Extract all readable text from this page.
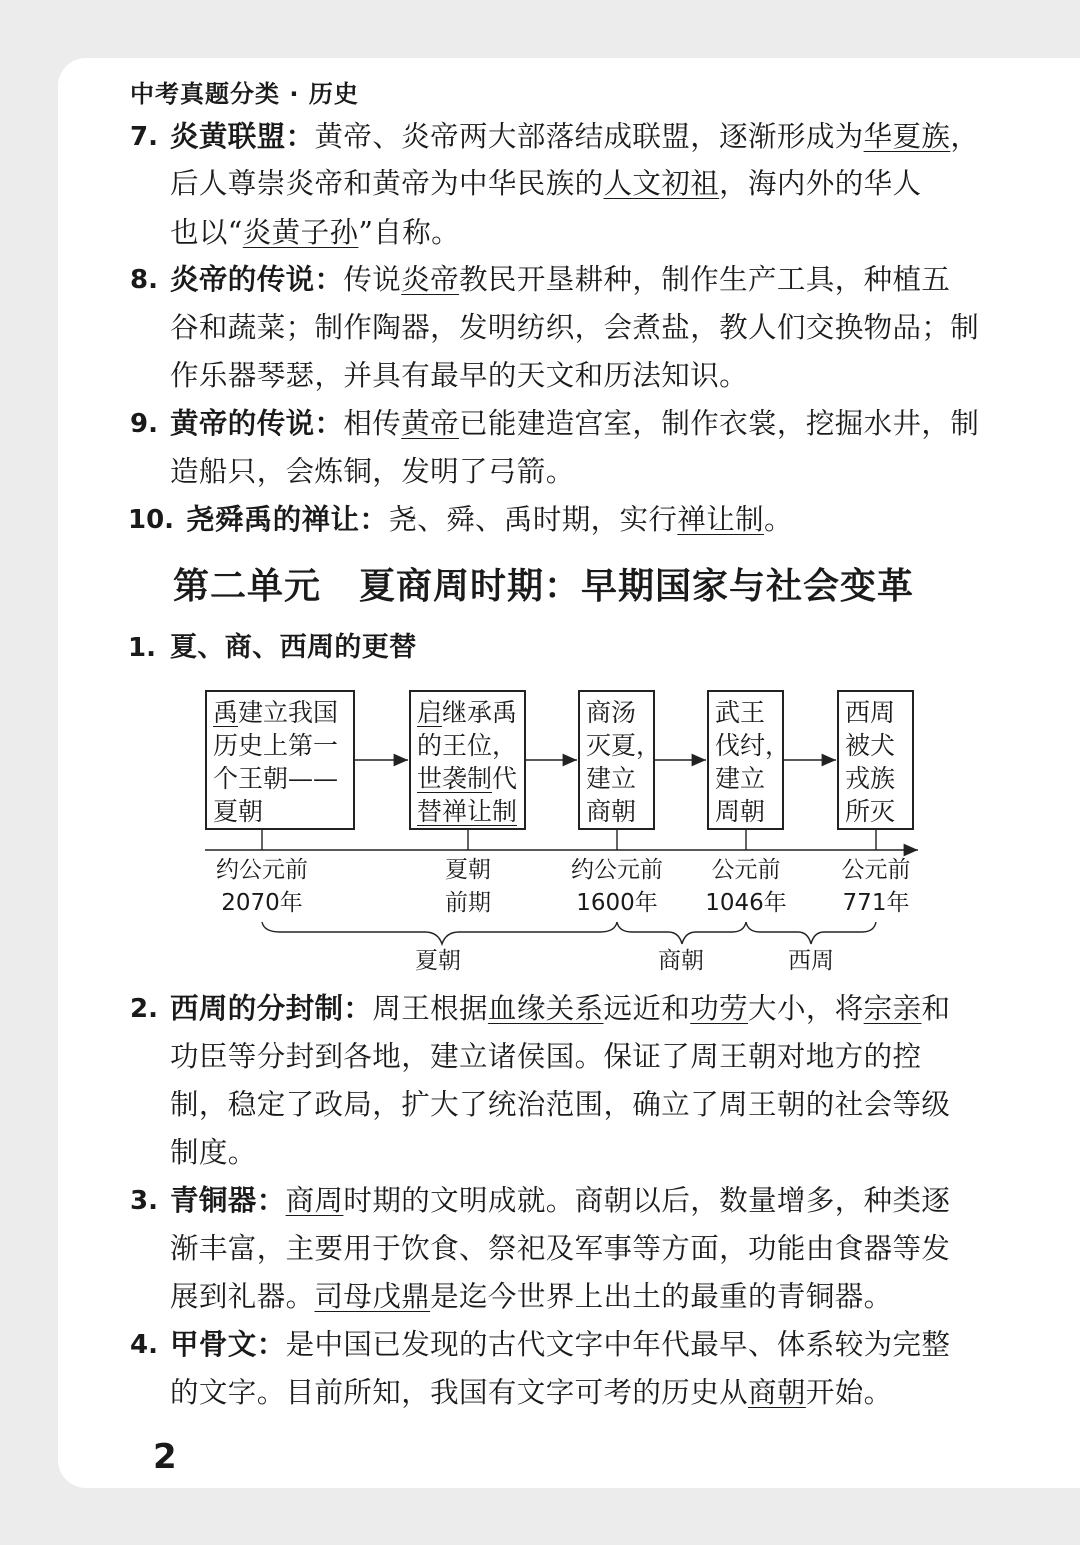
中考真题分类 · 历史
7. 炎黄联盟：黄帝、炎帝两大部落结成联盟，逐渐形成为华夏族，
后人尊崇炎帝和黄帝为中华民族的人文初祖，海内外的华人
也以“炎黄子孙”自称。
8. 炎帝的传说：传说炎帝教民开垦耕种，制作生产工具，种植五
谷和蔬菜；制作陶器，发明纺织，会煮盐，教人们交换物品；制
作乐器琴瑟，并具有最早的天文和历法知识。
9. 黄帝的传说：相传黄帝已能建造宫室，制作衣裳，挖掘水井，制
造船只，会炼铜，发明了弓箭。
10. 尧舜禹的禅让：尧、舜、禹时期，实行禅让制。
第二单元 夏商周时期：早期国家与社会变革
1. 夏、商、西周的更替
禹建立我国
历史上第一
个王朝——
夏朝
启继承禹
的王位，
世袭制代
替禅让制
商汤
灭夏，
建立
商朝
武王
伐纣，
建立
周朝
西周
被犬
戎族
所灭
约公元前
2070年
夏朝
前期
约公元前
1600年
公元前
1046年
公元前
771年
夏朝	商朝	西周
2. 西周的分封制：周王根据血缘关系远近和功劳大小，将宗亲和
功臣等分封到各地，建立诸侯国。保证了周王朝对地方的控
制，稳定了政局，扩大了统治范围，确立了周王朝的社会等级
制度。
3. 青铜器：商周时期的文明成就。商朝以后，数量增多，种类逐
渐丰富，主要用于饮食、祭祀及军事等方面，功能由食器等发
展到礼器。司母戊鼎是迄今世界上出土的最重的青铜器。
4. 甲骨文：是中国已发现的古代文字中年代最早、体系较为完整
的文字。目前所知，我国有文字可考的历史从商朝开始。
2
